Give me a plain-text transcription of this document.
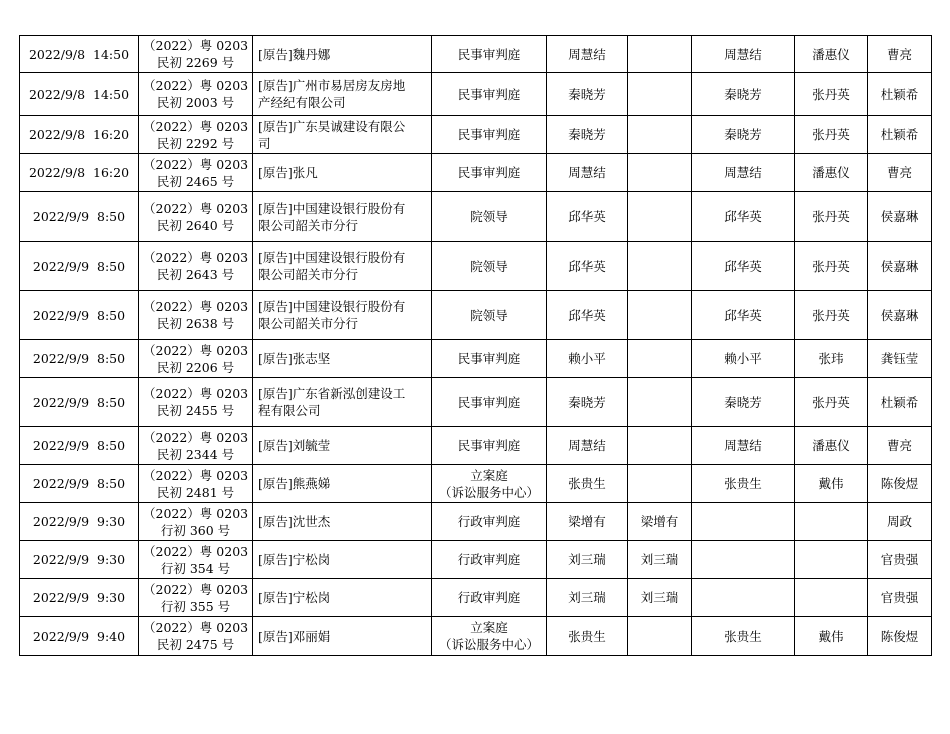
2022/9/8  14:50	（2022）粤 0203
民初 2269 号	[原告]魏丹娜	民事审判庭	周慧结		周慧结	潘惠仪	曹亮
2022/9/8  14:50	（2022）粤 0203
民初 2003 号	[原告]广州市易居房友房地
产经纪有限公司	民事审判庭	秦晓芳		秦晓芳	张丹英	杜颖希
2022/9/8  16:20	（2022）粤 0203
民初 2292 号	[原告]广东昊诚建设有限公
司	民事审判庭	秦晓芳		秦晓芳	张丹英	杜颖希
2022/9/8  16:20	（2022）粤 0203
民初 2465 号	[原告]张凡	民事审判庭	周慧结		周慧结	潘惠仪	曹亮
2022/9/9  8:50	（2022）粤 0203
民初 2640 号	[原告]中国建设银行股份有
限公司韶关市分行	院领导	邱华英		邱华英	张丹英	侯嘉琳
2022/9/9  8:50	（2022）粤 0203
民初 2643 号	[原告]中国建设银行股份有
限公司韶关市分行	院领导	邱华英		邱华英	张丹英	侯嘉琳
2022/9/9  8:50	（2022）粤 0203
民初 2638 号	[原告]中国建设银行股份有
限公司韶关市分行	院领导	邱华英		邱华英	张丹英	侯嘉琳
2022/9/9  8:50	（2022）粤 0203
民初 2206 号	[原告]张志坚	民事审判庭	赖小平		赖小平	张玮	龚钰莹
2022/9/9  8:50	（2022）粤 0203
民初 2455 号	[原告]广东省新泓创建设工
程有限公司	民事审判庭	秦晓芳		秦晓芳	张丹英	杜颖希
2022/9/9  8:50	（2022）粤 0203
民初 2344 号	[原告]刘毓莹	民事审判庭	周慧结		周慧结	潘惠仪	曹亮
2022/9/9  8:50	（2022）粤 0203
民初 2481 号	[原告]熊燕娣	立案庭
（诉讼服务中心）	张贵生		张贵生	戴伟	陈俊煜
2022/9/9  9:30	（2022）粤 0203
行初 360 号	[原告]沈世杰	行政审判庭	梁增有	梁增有			周政
2022/9/9  9:30	（2022）粤 0203
行初 354 号	[原告]宁松岗	行政审判庭	刘三瑞	刘三瑞			官贵强
2022/9/9  9:30	（2022）粤 0203
行初 355 号	[原告]宁松岗	行政审判庭	刘三瑞	刘三瑞			官贵强
2022/9/9  9:40	（2022）粤 0203
民初 2475 号	[原告]邓丽娟	立案庭
（诉讼服务中心）	张贵生		张贵生	戴伟	陈俊煜
